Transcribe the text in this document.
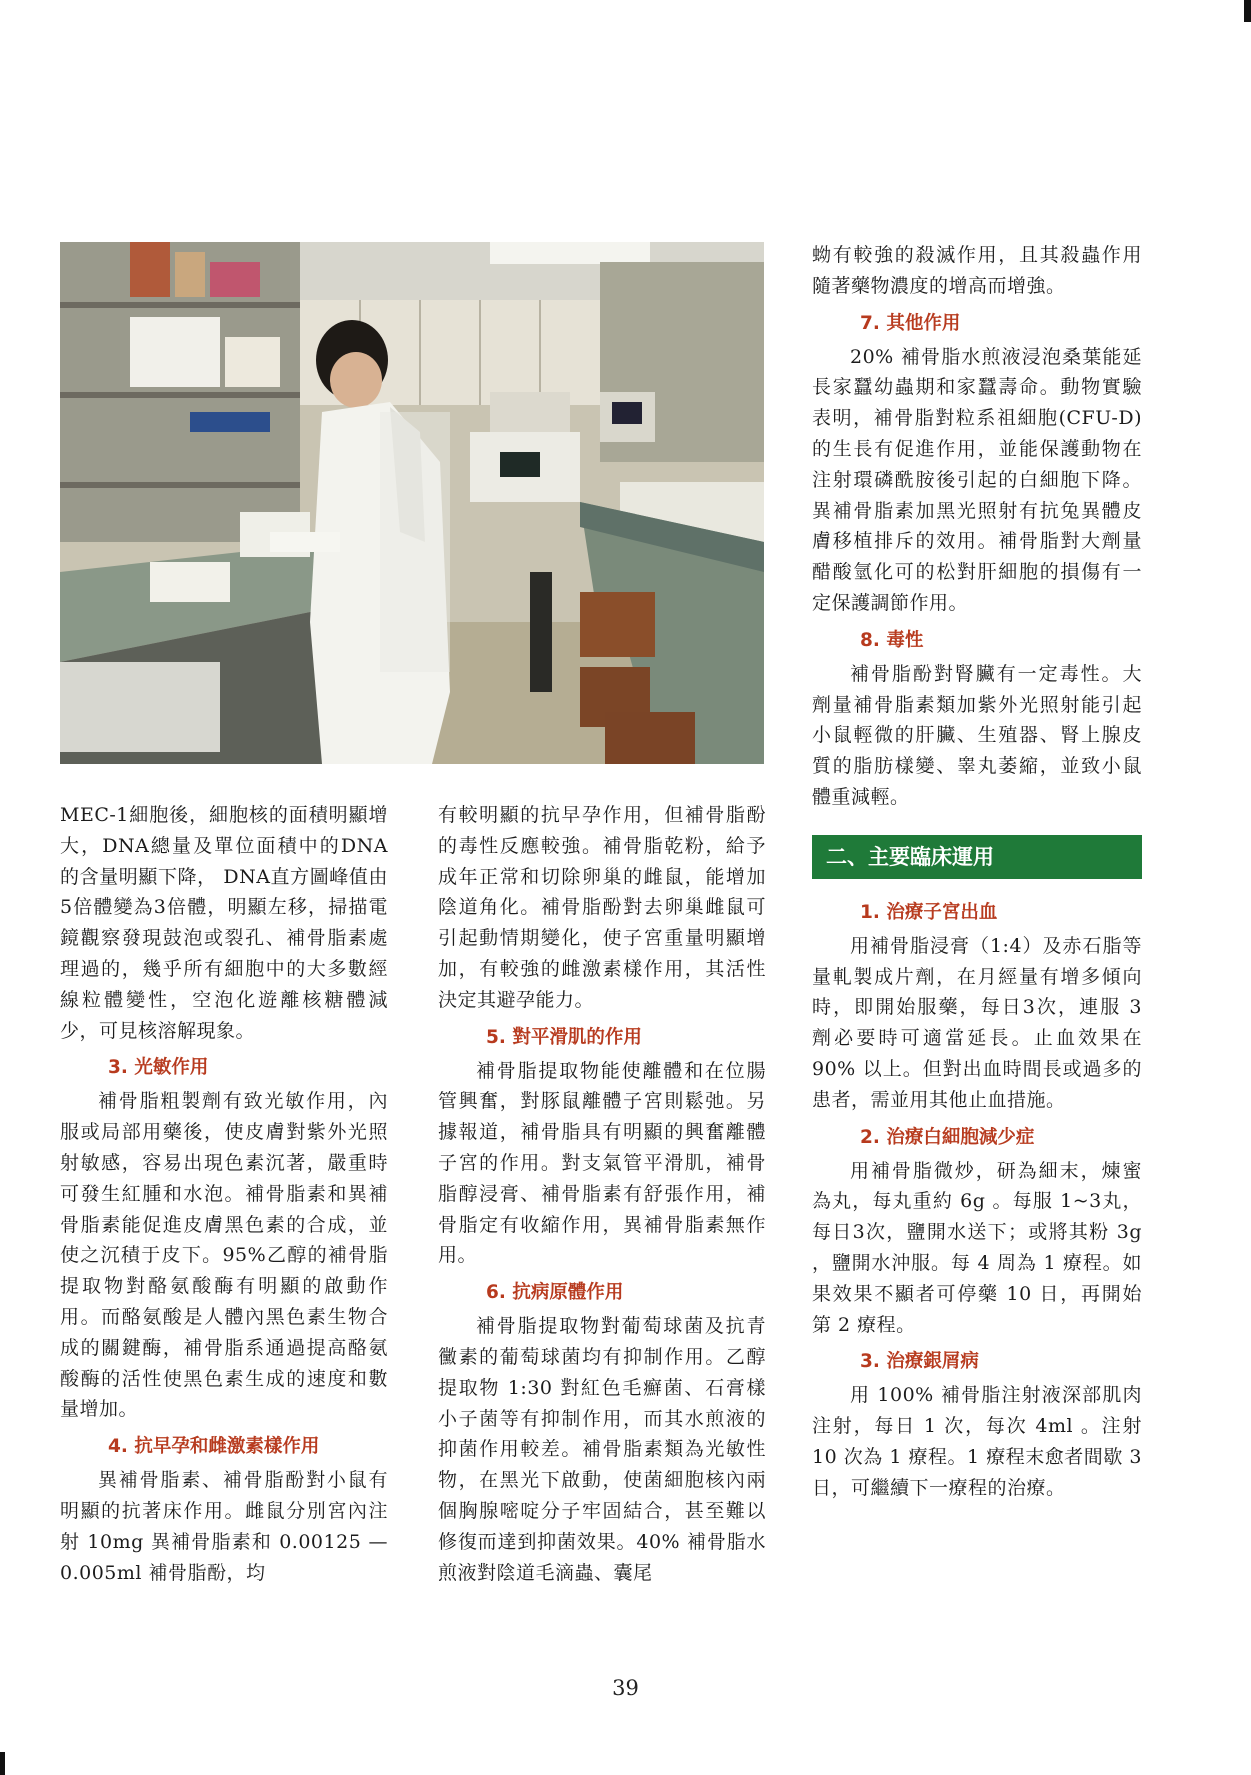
MEC-1細胞後，細胞核的面積明顯增大，DNA總量及單位面積中的DNA的含量明顯下降， DNA直方圖峰值由5倍體變為3倍體，明顯左移，掃描電鏡觀察發現鼓泡或裂孔、補骨脂素處理過的，幾乎所有細胞中的大多數經線粒體變性，空泡化遊離核糖體減少，可見核溶解現象。

3. 光敏作用

補骨脂粗製劑有致光敏作用，內服或局部用藥後，使皮膚對紫外光照射敏感，容易出現色素沉著，嚴重時可發生紅腫和水泡。補骨脂素和異補骨脂素能促進皮膚黑色素的合成，並使之沉積于皮下。95%乙醇的補骨脂提取物對酪氨酸酶有明顯的啟動作用。而酪氨酸是人體內黑色素生物合成的關鍵酶，補骨脂系通過提高酪氨酸酶的活性使黑色素生成的速度和數量增加。

4. 抗早孕和雌激素樣作用

異補骨脂素、補骨脂酚對小鼠有明顯的抗著床作用。雌鼠分別宮內注射 10mg 異補骨脂素和 0.00125 — 0.005ml 補骨脂酚，均

有較明顯的抗早孕作用，但補骨脂酚的毒性反應較強。補骨脂乾粉，給予成年正常和切除卵巢的雌鼠，能增加陰道角化。補骨脂酚對去卵巢雌鼠可引起動情期變化，使子宮重量明顯增加，有較強的雌激素樣作用，其活性決定其避孕能力。

5. 對平滑肌的作用

補骨脂提取物能使離體和在位腸管興奮，對豚鼠離體子宮則鬆弛。另據報道，補骨脂具有明顯的興奮離體子宮的作用。對支氣管平滑肌，補骨脂醇浸膏、補骨脂素有舒張作用，補骨脂定有收縮作用，異補骨脂素無作用。

6. 抗病原體作用

補骨脂提取物對葡萄球菌及抗青黴素的葡萄球菌均有抑制作用。乙醇提取物 1:30 對紅色毛癬菌、石膏樣小子菌等有抑制作用，而其水煎液的抑菌作用較差。補骨脂素類為光敏性物，在黑光下啟動，使菌細胞核內兩個胸腺嘧啶分子牢固結合，甚至難以修復而達到抑菌效果。40% 補骨脂水煎液對陰道毛滴蟲、囊尾

蚴有較強的殺滅作用，且其殺蟲作用隨著藥物濃度的增高而增強。

7. 其他作用

20% 補骨脂水煎液浸泡桑葉能延長家蠶幼蟲期和家蠶壽命。動物實驗表明，補骨脂對粒系祖細胞(CFU-D)的生長有促進作用，並能保護動物在注射環磷酰胺後引起的白細胞下降。異補骨脂素加黑光照射有抗兔異體皮膚移植排斥的效用。補骨脂對大劑量醋酸氫化可的松對肝細胞的損傷有一定保護調節作用。

8. 毒性

補骨脂酚對腎臟有一定毒性。大劑量補骨脂素類加紫外光照射能引起小鼠輕微的肝臟、生殖器、腎上腺皮質的脂肪樣變、睾丸萎縮，並致小鼠體重減輕。

二、主要臨床運用
1. 治療子宮出血

用補骨脂浸膏（1:4）及赤石脂等量軋製成片劑，在月經量有增多傾向時，即開始服藥，每日3次，連服 3 劑必要時可適當延長。止血效果在 90% 以上。但對出血時間長或過多的患者，需並用其他止血措施。

2. 治療白細胞減少症

用補骨脂微炒，研為細末，煉蜜為丸，每丸重約 6g 。每服 1~3丸，每日3次，鹽開水送下；或將其粉 3g ，鹽開水沖服。每 4 周為 1 療程。如果效果不顯者可停藥 10 日，再開始第 2 療程。

3. 治療銀屑病

用 100% 補骨脂注射液深部肌肉注射，每日 1 次，每次 4ml 。注射 10 次為 1 療程。1 療程末愈者間歇 3 日，可繼續下一療程的治療。

39
